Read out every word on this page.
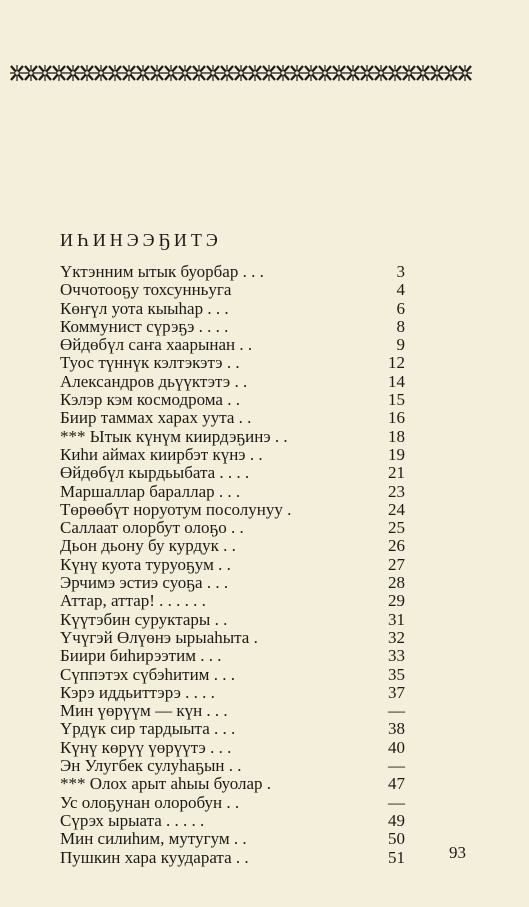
ИҺИНЭЭҔИТЭ
Үктэнним ытык буорбар . . .	3
Оччотооҕу тохсунньуга	4
Көҥүл уота кыыһар . . .	6
Коммунист сүрэҕэ . . . .	8
Өйдөбүл саҥа хаарынан . .	9
Туос түннүк кэлтэкэтэ . .	12
Александров дьүүктэтэ . .	14
Кэлэр кэм космодрома . .	15
Биир таммах харах уута . .	16
*** Ытык күнүм киирдэҕинэ . .	18
Киһи аймах киирбэт күнэ . .	19
Өйдөбүл кырдьыбата . . . .	21
Маршаллар бараллар . . .	23
Төрөөбүт норуотум посолунуу .	24
Саллаат олорбут олоҕо . .	25
Дьон дьону бу курдук . .	26
Күнү куота туруоҕум . .	27
Эрчимэ эстиэ суоҕа . . .	28
Аттар, аттар! . . . . . .	29
Күүтэбин суруктары . .	31
Үчүгэй Өлүөнэ ырыаһыта .	32
Биири биһирээтим . . .	33
Сүппэтэх сүбэһитим . . .	35
Кэрэ иддьиттэрэ . . . .	37
Мин үөрүүм — күн . . .	—
Үрдүк сир тардыыта . . .	38
Күнү көрүү үөрүүтэ . . .	40
Эн Улугбек сулуһаҕын . .	—
*** Олох арыт аһыы буолар .	47
Ус олоҕунан олоробун . .	—
Сүрэх ырыата . . . . .	49
Мин силиһим, мутугум . .	50
Пушкин хара куударата . .	51	93
